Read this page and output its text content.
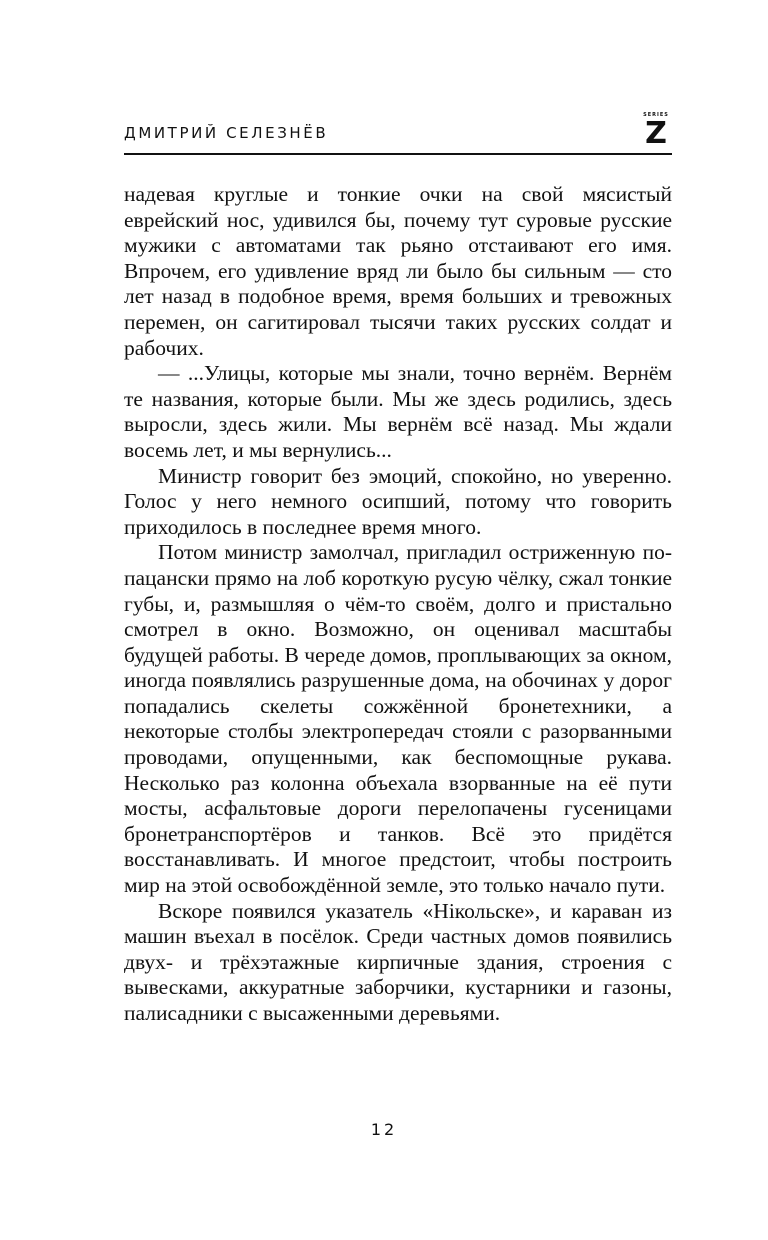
ДМИТРИЙ СЕЛЕЗНЁВ
SERIES
Z

надевая круглые и тонкие очки на свой мясистый еврейский нос, удивился бы, почему тут суровые русские мужики с автоматами так рьяно отстаивают его имя. Впрочем, его удивление вряд ли было бы сильным — сто лет назад в подобное время, время больших и тревожных перемен, он сагитировал тысячи таких русских солдат и рабочих.

— ...Улицы, которые мы знали, точно вернём. Вернём те названия, которые были. Мы же здесь родились, здесь выросли, здесь жили. Мы вернём всё назад. Мы ждали восемь лет, и мы вернулись...

Министр говорит без эмоций, спокойно, но уверенно. Голос у него немного осипший, потому что говорить приходилось в последнее время много.

Потом министр замолчал, пригладил остриженную по-пацански прямо на лоб короткую русую чёлку, сжал тонкие губы, и, размышляя о чём-то своём, долго и пристально смотрел в окно. Возможно, он оценивал масштабы будущей работы. В череде домов, проплывающих за окном, иногда появлялись разрушенные дома, на обочинах у дорог попадались скелеты сожжённой бронетехники, а некоторые столбы электропередач стояли с разорванными проводами, опущенными, как беспомощные рукава. Несколько раз колонна объехала взорванные на её пути мосты, асфальтовые дороги перелопачены гусеницами бронетранспортёров и танков. Всё это придётся восстанавливать. И многое предстоит, чтобы построить мир на этой освобождённой земле, это только начало пути.

Вскоре появился указатель «Нікольске», и караван из машин въехал в посёлок. Среди частных домов появились двух- и трёхэтажные кирпичные здания, строения с вывесками, аккуратные заборчики, кустарники и газоны, палисадники с высаженными деревьями.

12
